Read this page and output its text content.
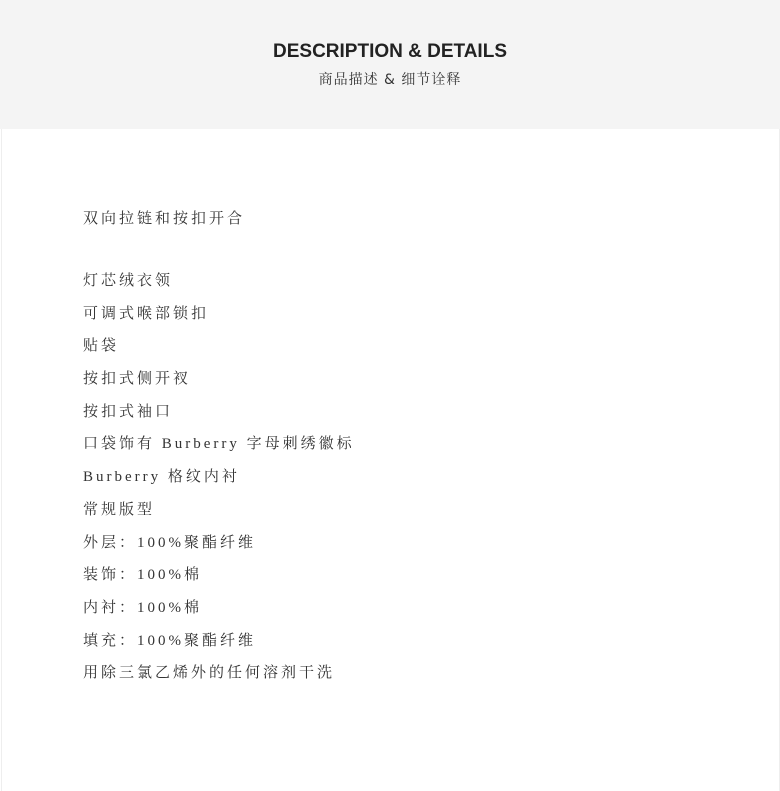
DESCRIPTION & DETAILS
商品描述 & 细节诠释
双向拉链和按扣开合
灯芯绒衣领
可调式喉部锁扣
贴袋
按扣式侧开衩
按扣式袖口
口袋饰有 Burberry 字母刺绣徽标
Burberry 格纹内衬
常规版型
外层：100%聚酯纤维
装饰：100%棉
内衬：100%棉
填充：100%聚酯纤维
用除三氯乙烯外的任何溶剂干洗
